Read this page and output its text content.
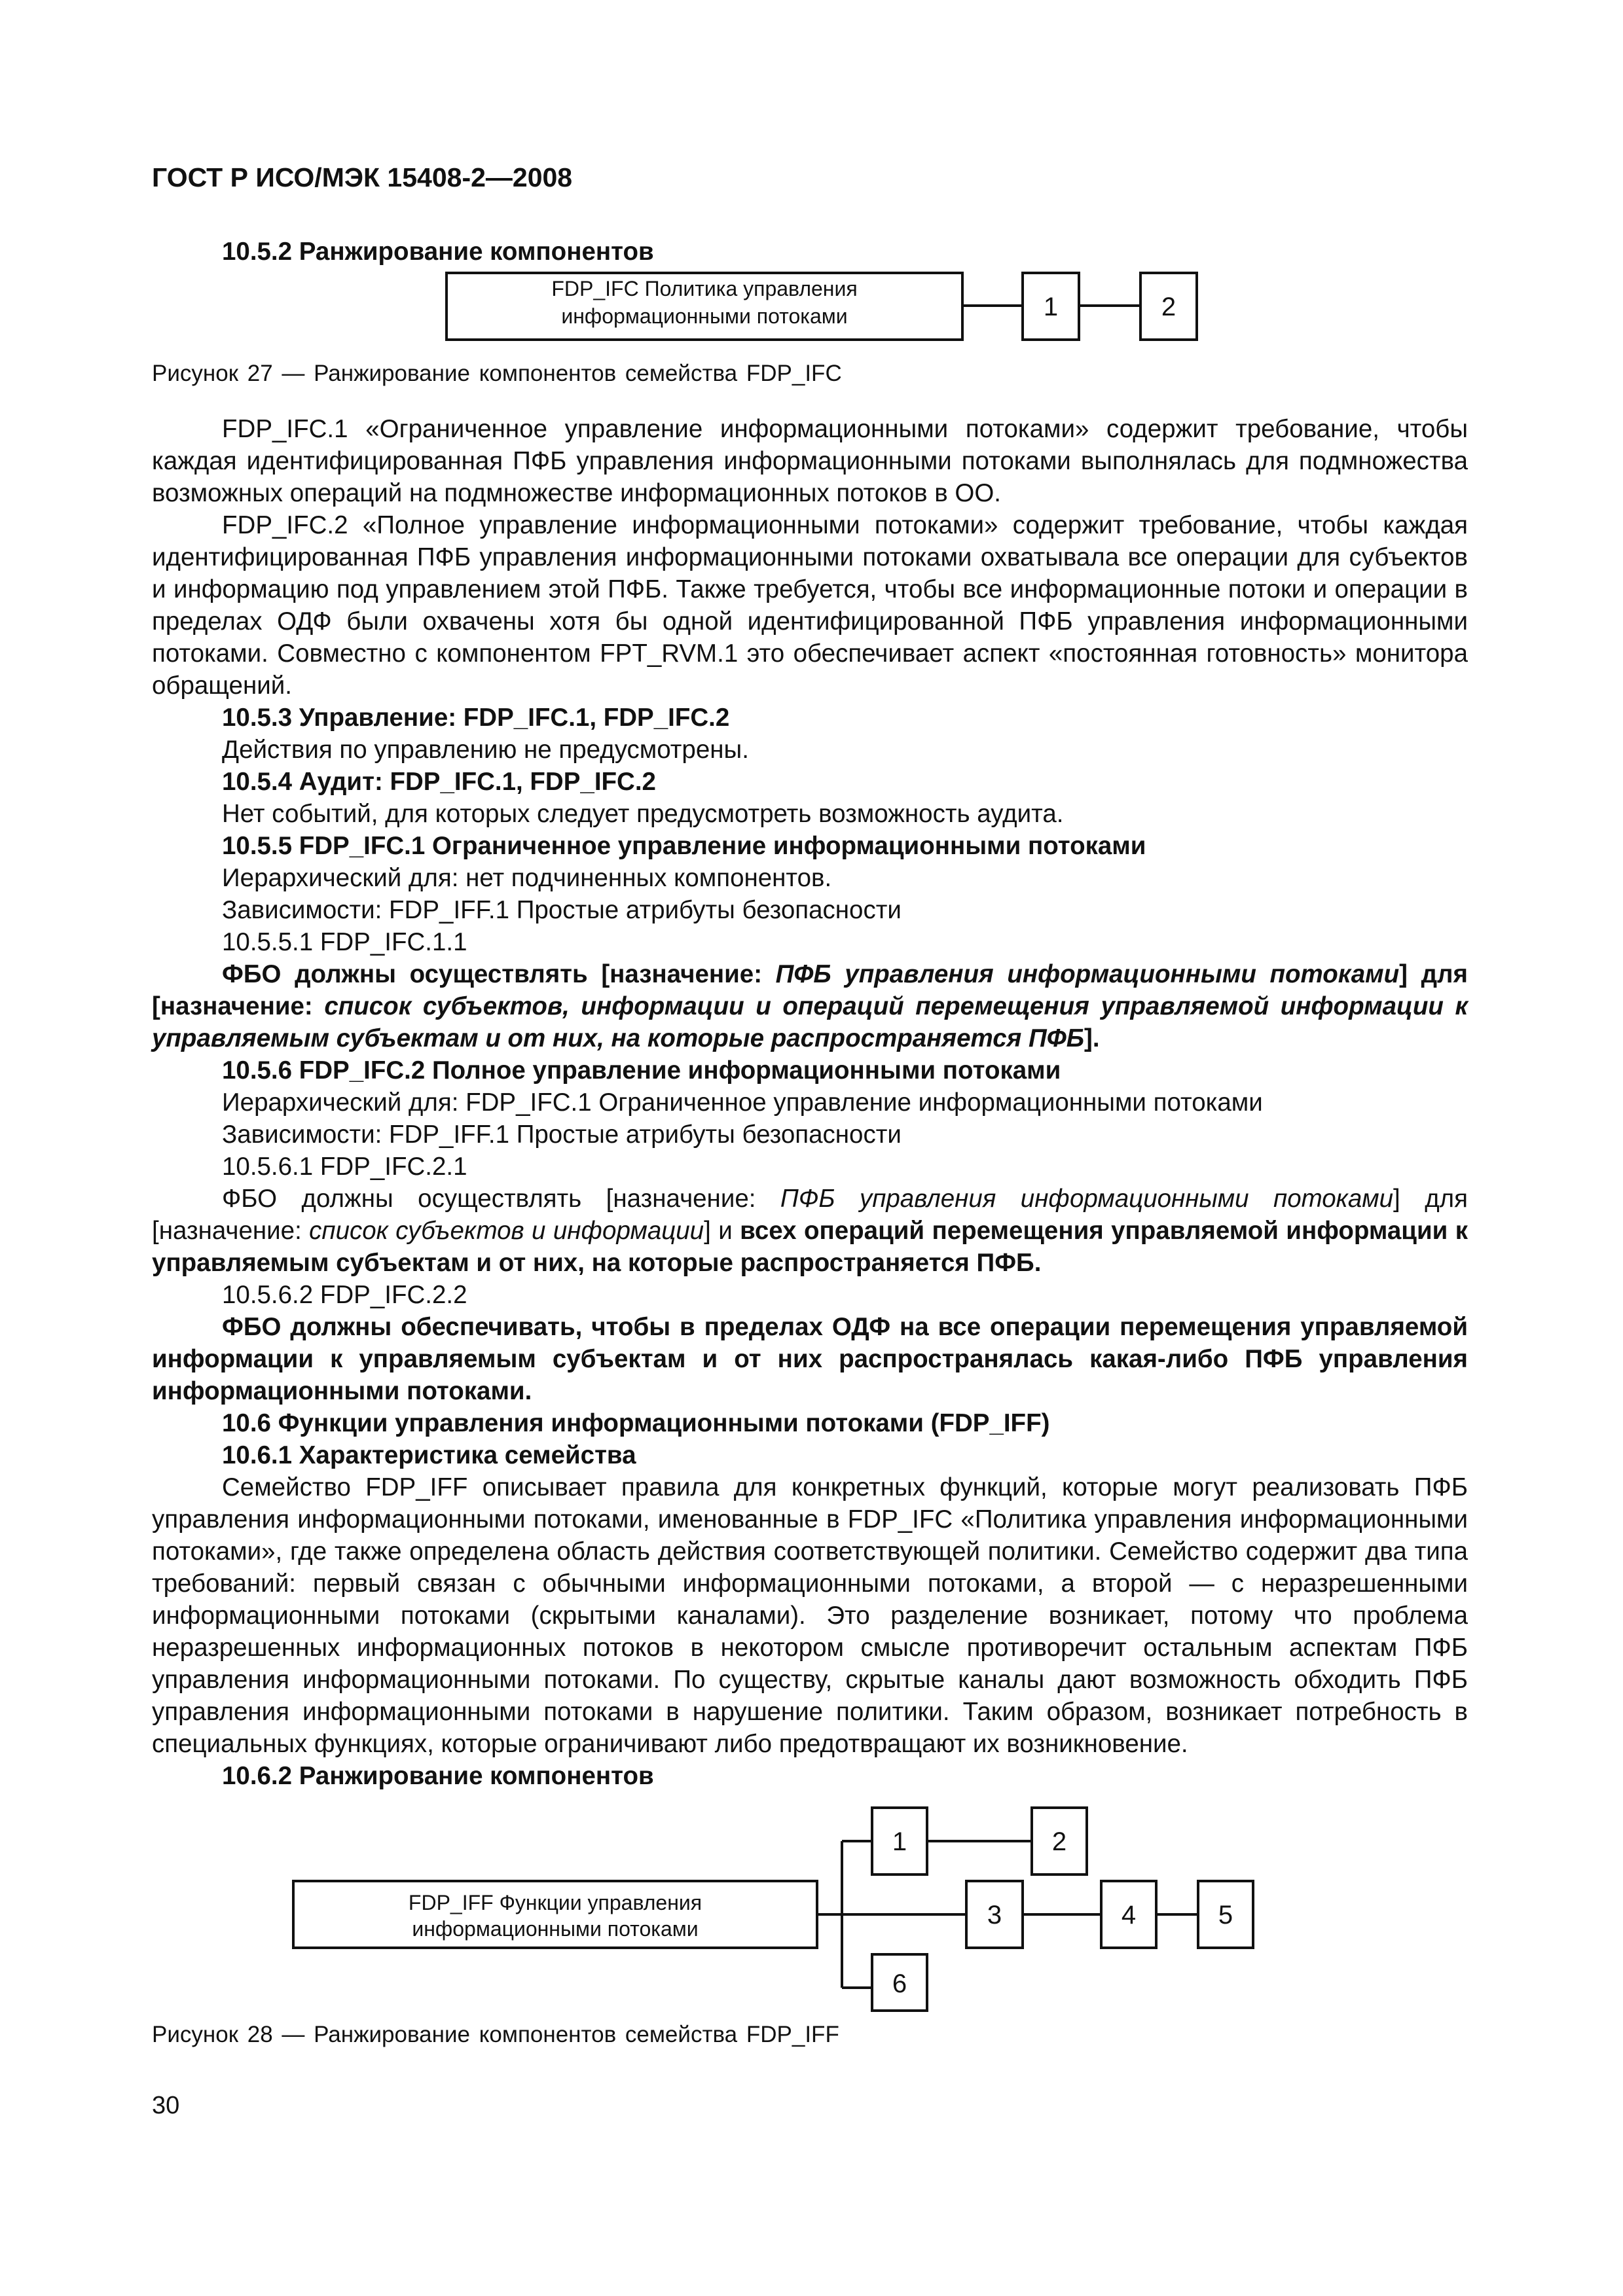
ГОСТ Р ИСО/МЭК 15408-2—2008

10.5.2 Ранжирование компонентов

FDP_IFC Политика управления
информационными потоками	1	2

Рисунок 27 — Ранжирование компонентов семейства FDP_IFC

FDP_IFC.1 «Ограниченное управление информационными потоками» содержит требование, чтобы каждая идентифицированная ПФБ управления информационными потоками выполнялась для подмножества возможных операций на подмножестве информационных потоков в ОО.

FDP_IFC.2 «Полное управление информационными потоками» содержит требование, чтобы каждая идентифицированная ПФБ управления информационными потоками охватывала все операции для субъектов и информацию под управлением этой ПФБ. Также требуется, чтобы все информационные потоки и операции в пределах ОДФ были охвачены хотя бы одной идентифицированной ПФБ управления информационными потоками. Совместно с компонентом FPT_RVM.1 это обеспечивает аспект «постоянная готовность» монитора обращений.

10.5.3 Управление: FDP_IFC.1, FDP_IFC.2

Действия по управлению не предусмотрены.

10.5.4 Аудит: FDP_IFC.1, FDP_IFC.2

Нет событий, для которых следует предусмотреть возможность аудита.

10.5.5 FDP_IFC.1 Ограниченное управление информационными потоками

Иерархический для: нет подчиненных компонентов.

Зависимости: FDP_IFF.1 Простые атрибуты безопасности

10.5.5.1 FDP_IFC.1.1

ФБО должны осуществлять [назначение: ПФБ управления информационными потоками] для [назначение: список субъектов, информации и операций перемещения управляемой информации к управляемым субъектам и от них, на которые распространяется ПФБ].

10.5.6 FDP_IFC.2 Полное управление информационными потоками

Иерархический для: FDP_IFC.1 Ограниченное управление информационными потоками

Зависимости: FDP_IFF.1 Простые атрибуты безопасности

10.5.6.1 FDP_IFC.2.1

ФБО должны осуществлять [назначение: ПФБ управления информационными потоками] для [назначение: список субъектов и информации] и всех операций перемещения управляемой информации к управляемым субъектам и от них, на которые распространяется ПФБ.

10.5.6.2 FDP_IFC.2.2

ФБО должны обеспечивать, чтобы в пределах ОДФ на все операции перемещения управляемой информации к управляемым субъектам и от них распространялась какая-либо ПФБ управления информационными потоками.

10.6 Функции управления информационными потоками (FDP_IFF)

10.6.1 Характеристика семейства

Семейство FDP_IFF описывает правила для конкретных функций, которые могут реализовать ПФБ управления информационными потоками, именованные в FDP_IFC «Политика управления информационными потоками», где также определена область действия соответствующей политики. Семейство содержит два типа требований: первый связан с обычными информационными потоками, а второй — с неразрешенными информационными потоками (скрытыми каналами). Это разделение возникает, потому что проблема неразрешенных информационных потоков в некотором смысле противоречит остальным аспектам ПФБ управления информационными потоками. По существу, скрытые каналы дают возможность обходить ПФБ управления информационными потоками в нарушение политики. Таким образом, возникает потребность в специальных функциях, которые ограничивают либо предотвращают их возникновение.

10.6.2 Ранжирование компонентов

FDP_IFF Функции управления
информационными потоками
1	2
3	4	5
6

Рисунок 28 — Ранжирование компонентов семейства FDP_IFF

30
